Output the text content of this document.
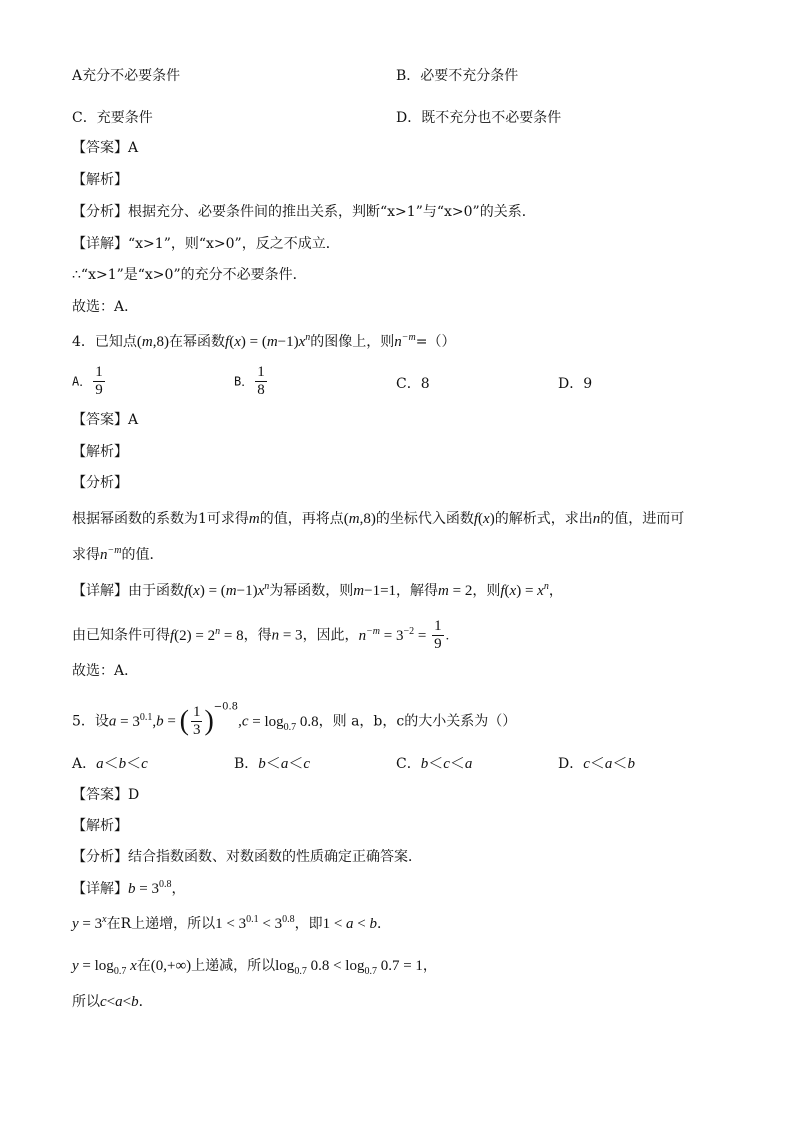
A充分不必要条件	B．必要不充分条件
C．充要条件	D．既不充分也不必要条件
【答案】A
【解析】
【分析】根据充分、必要条件间的推出关系，判断“x>1”与“x>0”的关系．
【详解】“x>1”，则“x>0”，反之不成立．
∴“x>1”是“x>0”的充分不必要条件．
故选：A．
4．已知点(m,8)在幂函数$f(x) = (m-1)x^n$的图像上，则$n^{-m}=()$
A． $\frac{1}{9}$	B． $\frac{1}{8}$	C．8	D．9
【答案】A
【解析】
【分析】
根据幂函数的系数为1可求得m的值，再将点(m,8)的坐标代入函数f(x)的解析式，求出n的值，进而可
求得$n^{-m}$的值．
【详解】由于函数$f(x) = (m-1)x^n$为幂函数，则m−1=1，解得m = 2，则$f(x) = x^n$，
由已知条件可得$f(2) = 2^n = 8$，得n = 3，因此，$n^{-m} = 3^{-2} = \frac{1}{9}$ .
故选：A．
5．设$a = 3^{0.1},b$ = ( $\frac{1}{3} )^{-0.8},c = \log_{0.7} 0.8$，则 a，b，c的大小关系为（）
A．a＜b＜c	B．b＜a＜c	C．b＜c＜a	D．c＜a＜b
【答案】D
【解析】
【分析】结合指数函数、对数函数的性质确定正确答案．
【详解】$b = 3^{0.8}$，
$y = 3^x$在R上递增，所以$1 < 3^{0.1} < 3^{0.8}$，即1 < a < b．
$y = \log_{0.7} x$在(0,+∞)上递减，所以$\log_{0.7} 0.8 < \log_{0.7} 0.7 = 1$，
所以c<a<b．
